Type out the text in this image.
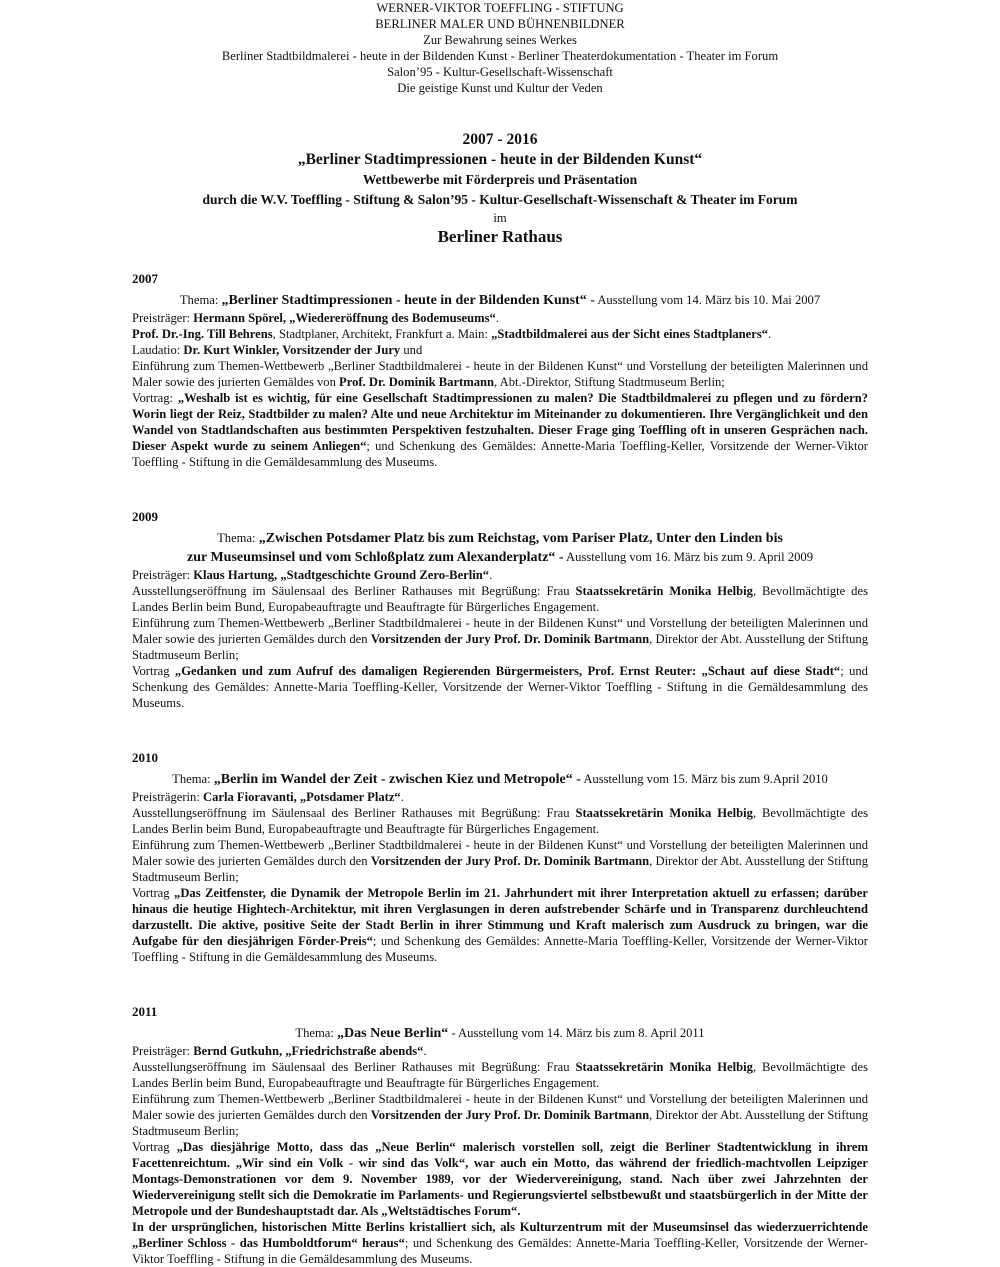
WERNER-VIKTOR TOEFFLING - STIFTUNG
BERLINER MALER UND BÜHNENBILDNER
Zur Bewahrung seines Werkes
Berliner Stadtbildmalerei - heute in der Bildenden Kunst - Berliner Theaterdokumentation - Theater im Forum
Salon’95 - Kultur-Gesellschaft-Wissenschaft
Die geistige Kunst und Kultur der Veden
2007 - 2016
„Berliner Stadtimpressionen - heute in der Bildenden Kunst“
Wettbewerbe mit Förderpreis und Präsentation
durch die W.V. Toeffling - Stiftung & Salon’95 - Kultur-Gesellschaft-Wissenschaft & Theater im Forum
im
Berliner Rathaus
2007
Thema: „Berliner Stadtimpressionen - heute in der Bildenden Kunst“ - Ausstellung vom 14. März bis 10. Mai 2007

Preisträger: Hermann Spörel, „Wiedereröffnung des Bodemuseums“.

Prof. Dr.-Ing. Till Behrens, Stadtplaner, Architekt, Frankfurt a. Main: „Stadtbildmalerei aus der Sicht eines Stadtplaners“.

Laudatio: Dr. Kurt Winkler, Vorsitzender der Jury und

Einführung zum Themen-Wettbewerb „Berliner Stadtbildmalerei - heute in der Bildenen Kunst“ und Vorstellung der beteiligten Malerinnen und Maler sowie des jurierten Gemäldes von Prof. Dr. Dominik Bartmann, Abt.-Direktor, Stiftung Stadtmuseum Berlin;

Vortrag: „Weshalb ist es wichtig, für eine Gesellschaft Stadtimpressionen zu malen? Die Stadtbildmalerei zu pflegen und zu fördern? Worin liegt der Reiz, Stadtbilder zu malen? Alte und neue Architektur im Miteinander zu dokumentieren. Ihre Vergänglichkeit und den Wandel von Stadtlandschaften aus bestimmten Perspektiven festzuhalten. Dieser Frage ging Toeffling oft in unseren Gesprächen nach. Dieser Aspekt wurde zu seinem Anliegen“; und Schenkung des Gemäldes: Annette-Maria Toeffling-Keller, Vorsitzende der Werner-Viktor Toeffling - Stiftung in die Gemäldesammlung des Museums.

2009
Thema: „Zwischen Potsdamer Platz bis zum Reichstag, vom Pariser Platz, Unter den Linden bis
zur Museumsinsel und vom Schloßplatz zum Alexanderplatz“ - Ausstellung vom 16. März bis zum 9. April 2009

Preisträger: Klaus Hartung, „Stadtgeschichte Ground Zero-Berlin“.

Ausstellungseröffnung im Säulensaal des Berliner Rathauses mit Begrüßung: Frau Staatssekretärin Monika Helbig, Bevollmächtigte des Landes Berlin beim Bund, Europabeauftragte und Beauftragte für Bürgerliches Engagement.

Einführung zum Themen-Wettbewerb „Berliner Stadtbildmalerei - heute in der Bildenen Kunst“ und Vorstellung der beteiligten Malerinnen und Maler sowie des jurierten Gemäldes durch den Vorsitzenden der Jury Prof. Dr. Dominik Bartmann, Direktor der Abt. Ausstellung der Stiftung Stadtmuseum Berlin;

Vortrag „Gedanken und zum Aufruf des damaligen Regierenden Bürgermeisters, Prof. Ernst Reuter: „Schaut auf diese Stadt“; und Schenkung des Gemäldes: Annette-Maria Toeffling-Keller, Vorsitzende der Werner-Viktor Toeffling - Stiftung in die Gemäldesammlung des Museums.

2010
Thema: „Berlin im Wandel der Zeit - zwischen Kiez und Metropole“ - Ausstellung vom 15. März bis zum 9.April 2010

Preisträgerin: Carla Fioravanti, „Potsdamer Platz“.

Ausstellungseröffnung im Säulensaal des Berliner Rathauses mit Begrüßung: Frau Staatssekretärin Monika Helbig, Bevollmächtigte des Landes Berlin beim Bund, Europabeauftragte und Beauftragte für Bürgerliches Engagement.

Einführung zum Themen-Wettbewerb „Berliner Stadtbildmalerei - heute in der Bildenen Kunst“ und Vorstellung der beteiligten Malerinnen und Maler sowie des jurierten Gemäldes durch den Vorsitzenden der Jury Prof. Dr. Dominik Bartmann, Direktor der Abt. Ausstellung der Stiftung Stadtmuseum Berlin;

Vortrag „Das Zeitfenster, die Dynamik der Metropole Berlin im 21. Jahrhundert mit ihrer Interpretation aktuell zu erfassen; darüber hinaus die heutige Hightech-Architektur, mit ihren Verglasungen in deren aufstrebender Schärfe und in Transparenz durchleuchtend darzustellt. Die aktive, positive Seite der Stadt Berlin in ihrer Stimmung und Kraft malerisch zum Ausdruck zu bringen, war die Aufgabe für den diesjährigen Förder-Preis“; und Schenkung des Gemäldes: Annette-Maria Toeffling-Keller, Vorsitzende der Werner-Viktor Toeffling - Stiftung in die Gemäldesammlung des Museums.

2011
Thema: „Das Neue Berlin“ - Ausstellung vom 14. März bis zum 8. April 2011

Preisträger: Bernd Gutkuhn, „Friedrichstraße abends“.

Ausstellungseröffnung im Säulensaal des Berliner Rathauses mit Begrüßung: Frau Staatssekretärin Monika Helbig, Bevollmächtigte des Landes Berlin beim Bund, Europabeauftragte und Beauftragte für Bürgerliches Engagement.

Einführung zum Themen-Wettbewerb „Berliner Stadtbildmalerei - heute in der Bildenen Kunst“ und Vorstellung der beteiligten Malerinnen und Maler sowie des jurierten Gemäldes durch den Vorsitzenden der Jury Prof. Dr. Dominik Bartmann, Direktor der Abt. Ausstellung der Stiftung Stadtmuseum Berlin;

Vortrag „Das diesjährige Motto, dass das „Neue Berlin“ malerisch vorstellen soll, zeigt die Berliner Stadtentwicklung in ihrem Facettenreichtum. „Wir sind ein Volk - wir sind das Volk“, war auch ein Motto, das während der friedlich-machtvollen Leipziger Montags-Demonstrationen vor dem 9. November 1989, vor der Wiedervereinigung, stand. Nach über zwei Jahrzehnten der Wiedervereinigung stellt sich die Demokratie im Parlaments- und Regierungsviertel selbstbewußt und staatsbürgerlich in der Mitte der Metropole und der Bundeshauptstadt dar. Als „Weltstädtisches Forum“.

In der ursprünglichen, historischen Mitte Berlins kristalliert sich, als Kulturzentrum mit der Museumsinsel das wiederzuerrichtende „Berliner Schloss - das Humboldtforum“ heraus“; und Schenkung des Gemäldes: Annette-Maria Toeffling-Keller, Vorsitzende der Werner-Viktor Toeffling - Stiftung in die Gemäldesammlung des Museums.
